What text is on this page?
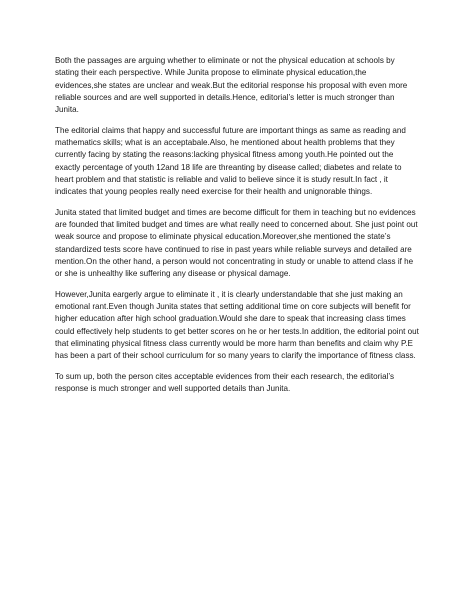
Both the passages are arguing whether to eliminate or not the physical education at schools by stating their each perspective. While Junita propose to eliminate physical education,the evidences,she states are unclear and weak.But the editorial response his proposal with even more reliable sources and are well supported in details.Hence, editorial’s letter is much stronger than Junita.

The editorial claims that happy and successful future are important things as same as reading and mathematics skills; what is an acceptabale.Also, he mentioned about health problems that they currently facing by stating the reasons:lacking physical fitness among youth.He pointed out the exactly percentage of youth 12and 18 life are threanting by disease called; diabetes and relate to heart problem and that statistic is reliable and valid to believe since it is study result.In fact , it indicates that young peoples really need exercise for their health and unignorable things.

Junita stated that limited budget and times are become difficult for them in teaching but no evidences are founded that limited budget and times are what really need to concerned about. She just point out weak source and propose to eliminate physical education.Moreover,she mentioned the state’s standardized tests score have continued to rise in past years while reliable surveys and detailed are mention.On the other hand, a person would not concentrating in study or unable to attend class if he or she is unhealthy like suffering any disease or physical damage.

However,Junita eargerly argue to eliminate it , it is clearly understandable that she just making an emotional rant.Even though Junita states that setting additional time on core subjects will benefit for higher education after high school graduation.Would she dare to speak that increasing class times could effectively help students to get better scores on he or her tests.In addition, the editorial point out that eliminating physical fitness class currently would be more harm than benefits and claim why P.E has been a part of their school curriculum for so many years to clarify the importance of fitness class.

To sum up, both the person cites acceptable evidences from their each research, the editorial’s response is much stronger and well supported details than Junita.
